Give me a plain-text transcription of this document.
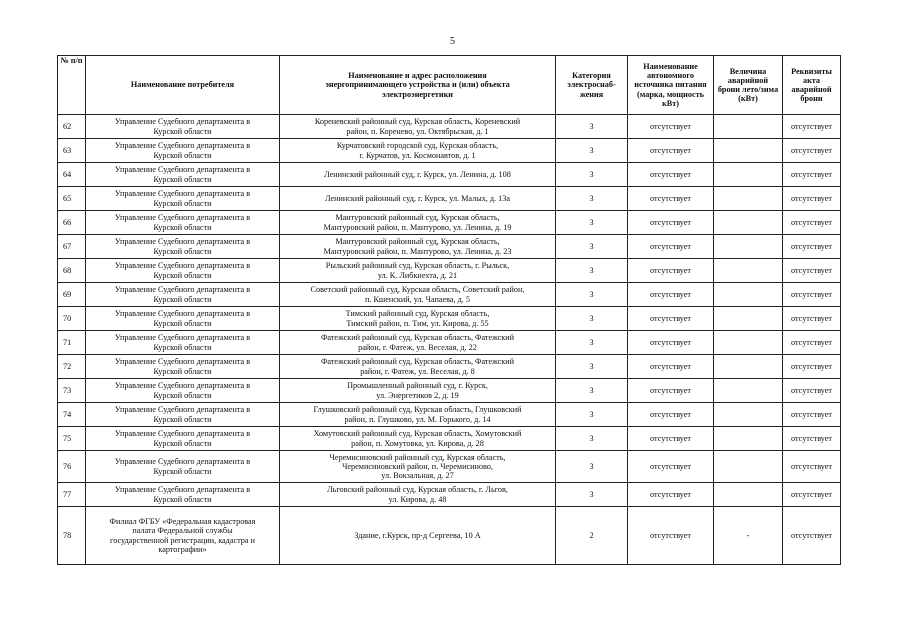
5
№ п/п	Наименование потребителя	Наименование и адрес расположения
энергопринимающего устройства и (или) объекта
электроэнергетики	Категория
электроснаб-
жения	Наименование
автономного
источника питания
(марка, мощность
кВт)	Величина
аварийной
брони лето/зима
(кВт)	Реквизиты акта
аварийной
брони
62	Управление Судебного департамента в
Курской области	Кореневский районный суд, Курская область, Кореневский
район, п. Коренево, ул. Октябрьская, д. 1	3	отсутствует		отсутствует
63	Управление Судебного департамента в
Курской области	Курчатовский городской суд, Курская область,
г. Курчатов, ул. Космонавтов, д. 1	3	отсутствует		отсутствует
64	Управление Судебного департамента в
Курской области	Ленинский районный суд, г. Курск, ул. Ленина, д. 108	3	отсутствует		отсутствует
65	Управление Судебного департамента в
Курской области	Ленинский районный суд, г. Курск, ул. Малых, д. 13а	3	отсутствует		отсутствует
66	Управление Судебного департамента в
Курской области	Мантуровский районный суд, Курская область,
Мантуровский район, п. Мантурово, ул. Ленина, д. 19	3	отсутствует		отсутствует
67	Управление Судебного департамента в
Курской области	Мантуровский районный суд, Курская область,
Мантуровский район, п. Мантурово, ул. Ленина, д. 23	3	отсутствует		отсутствует
68	Управление Судебного департамента в
Курской области	Рыльский районный суд, Курская область, г. Рыльск,
ул. К. Либкнехта, д. 21	3	отсутствует		отсутствует
69	Управление Судебного департамента в
Курской области	Советский районный суд, Курская область, Советский район,
п. Кшенский, ул. Чапаева, д. 5	3	отсутствует		отсутствует
70	Управление Судебного департамента в
Курской области	Тимский районный суд, Курская область,
Тимский район, п. Тим, ул. Кирова, д. 55	3	отсутствует		отсутствует
71	Управление Судебного департамента в
Курской области	Фатежский районный суд, Курская область, Фатежский
район, г. Фатеж, ул. Веселая, д. 22	3	отсутствует		отсутствует
72	Управление Судебного департамента в
Курской области	Фатежский районный суд, Курская область, Фатежский
район, г. Фатеж, ул. Веселая, д. 8	3	отсутствует		отсутствует
73	Управление Судебного департамента в
Курской области	Промышленный районный суд, г. Курск,
ул. Энергетиков 2, д. 19	3	отсутствует		отсутствует
74	Управление Судебного департамента в
Курской области	Глушковский районный суд, Курская область, Глушковский
район, п. Глушково, ул. М. Горького, д. 14	3	отсутствует		отсутствует
75	Управление Судебного департамента в
Курской области	Хомутовский районный суд, Курская область, Хомутовский
район, п. Хомутовка, ул. Кирова, д. 28	3	отсутствует		отсутствует
76	Управление Судебного департамента в
Курской области	Черемисиновский районный суд, Курская область,
Черемисиновский район, п. Черемисиново,
ул. Вокзальная, д. 27	3	отсутствует		отсутствует
77	Управление Судебного департамента в
Курской области	Льговский районный суд, Курская область, г. Льгов,
ул. Кирова, д. 48	3	отсутствует		отсутствует
78	Филиал ФГБУ «Федеральная кадастровая
палата Федеральной службы
государственной регистрации, кадастра и
картографии»	Здание, г.Курск, пр-д Сергеева, 10 А	2	отсутствует	-	отсутствует
